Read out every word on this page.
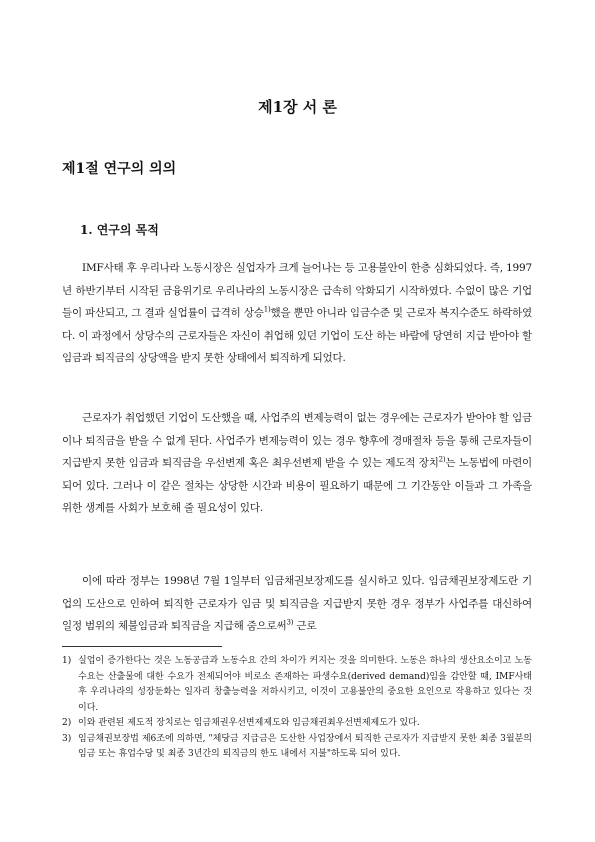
제1장 서 론
제1절 연구의 의의
1. 연구의 목적

IMF사태 후 우리나라 노동시장은 실업자가 크게 늘어나는 등 고용불안이 한층 심화되었다. 즉, 1997년 하반기부터 시작된 금융위기로 우리나라의 노동시장은 급속히 악화되기 시작하였다. 수없이 많은 기업들이 파산되고, 그 결과 실업률이 급격히 상승$^{1)}$했을 뿐만 아니라 임금수준 및 근로자 복지수준도 하락하였다. 이 과정에서 상당수의 근로자들은 자신이 취업해 있던 기업이 도산 하는 바람에 당연히 지급 받아야 할 임금과 퇴직금의 상당액을 받지 못한 상태에서 퇴직하게 되었다.

근로자가 취업했던 기업이 도산했을 때, 사업주의 변제능력이 없는 경우에는 근로자가 받아야 할 임금이나 퇴직금을 받을 수 없게 된다. 사업주가 변제능력이 있는 경우 향후에 경매절차 등을 통해 근로자들이 지급받지 못한 임금과 퇴직금을 우선변제 혹은 최우선변제 받을 수 있는 제도적 장치$^{2)}$는 노동법에 마련이 되어 있다. 그러나 이 같은 절차는 상당한 시간과 비용이 필요하기 때문에 그 기간동안 이들과 그 가족을 위한 생계를 사회가 보호해 줄 필요성이 있다.

이에 따라 정부는 1998년 7월 1일부터 임금채권보장제도를 실시하고 있다. 임금채권보장제도란 기업의 도산으로 인하여 퇴직한 근로자가 임금 및 퇴직금을 지급받지 못한 경우 정부가 사업주를 대신하여 일정 범위의 체불임금과 퇴직금을 지급해 줌으로써$^{3)}$ 근로

1) 실업이 증가한다는 것은 노동공급과 노동수요 간의 차이가 커지는 것을 의미한다. 노동은 하나의 생산요소이고 노동수요는 산출물에 대한 수요가 전제되어야 비로소 존재하는 파생수요(derived demand)임을 감안할 때, IMF사태 후 우리나라의 성장둔화는 일자리 창출능력을 저하시키고, 이것이 고용불안의 중요한 요인으로 작용하고 있다는 것이다.
2) 이와 관련된 제도적 장치로는 임금채권우선변제제도와 임금채권최우선변제제도가 있다.
3) 임금채권보장법 제6조에 의하면, "체당금 지급금은 도산한 사업장에서 퇴직한 근로자가 지급받지 못한 최종 3월분의 임금 또는 휴업수당 및 최종 3년간의 퇴직금의 한도 내에서 지불"하도록 되어 있다.
